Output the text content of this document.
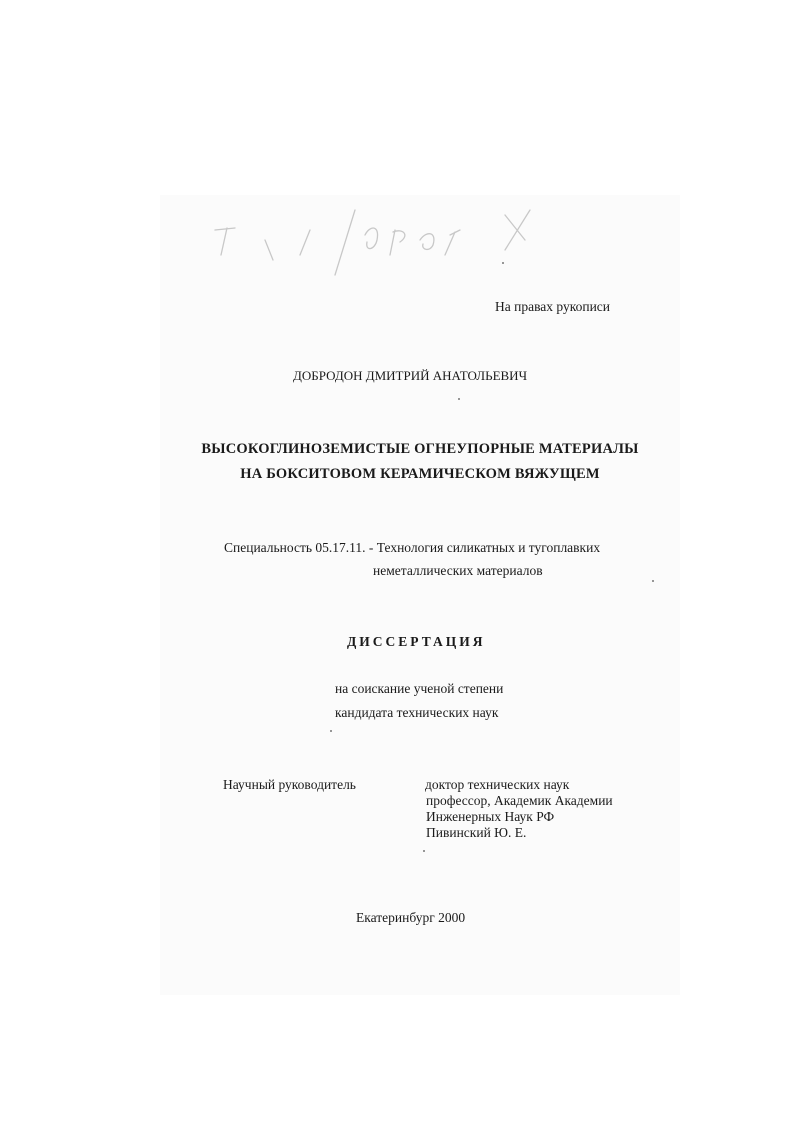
На правах рукописи
ДОБРОДОН ДМИТРИЙ АНАТОЛЬЕВИЧ
ВЫСОКОГЛИНОЗЕМИСТЫЕ ОГНЕУПОРНЫЕ МАТЕРИАЛЫ
НА БОКСИТОВОМ КЕРАМИЧЕСКОМ ВЯЖУЩЕМ
Специальность 05.17.11. - Технология силикатных и тугоплавких
неметаллических материалов
ДИССЕРТАЦИЯ
на соискание ученой степени
кандидата технических наук
Научный руководитель	доктор технических наук
профессор, Академик Академии
Инженерных Наук РФ
Пивинский Ю. Е.
Екатеринбург 2000
